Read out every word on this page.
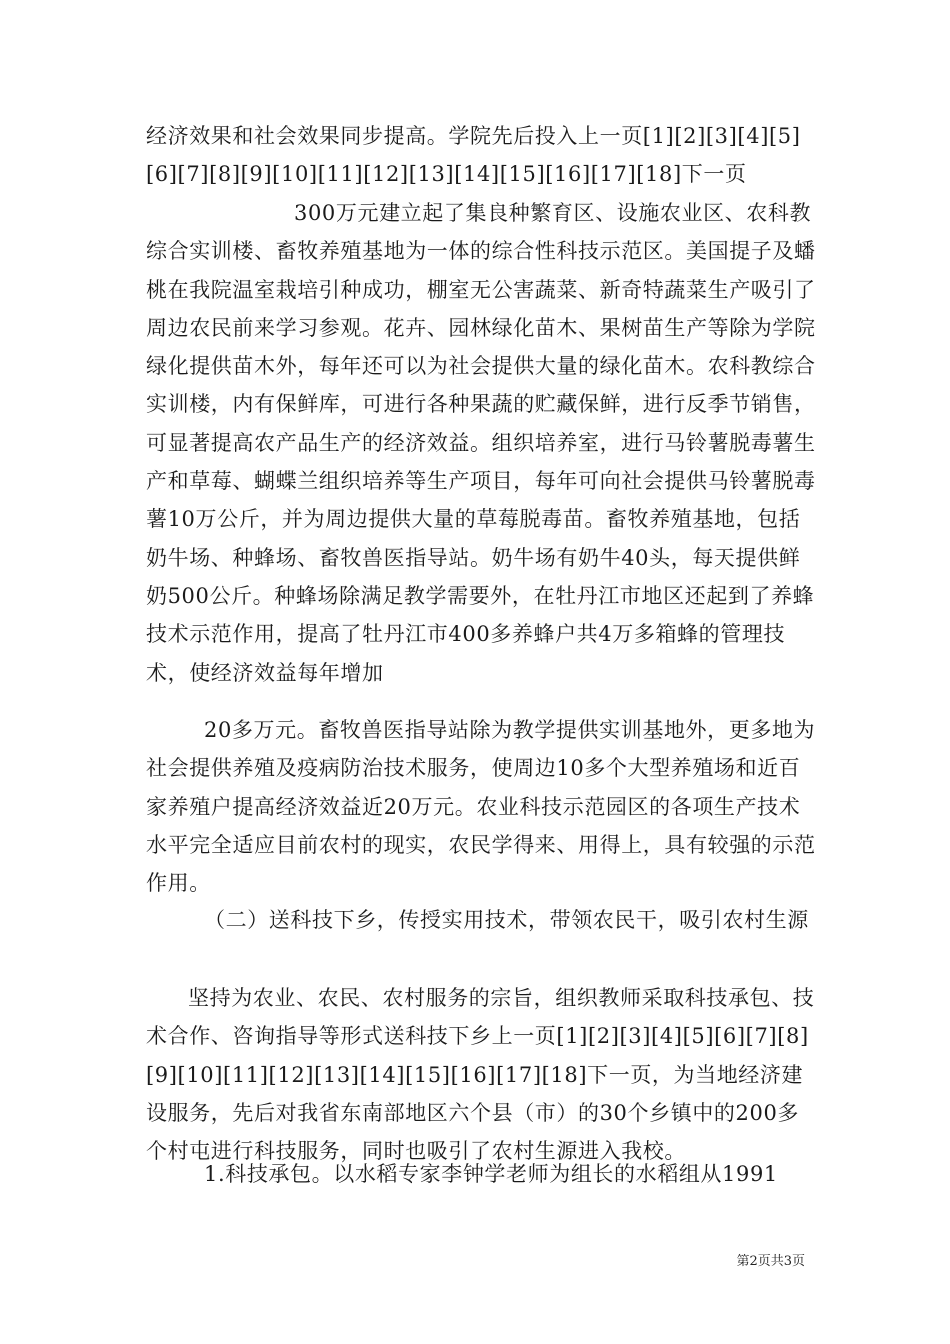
经济效果和社会效果同步提高。学院先后投入上一页[1][2][3][4][5][6][7][8][9][10][11][12][13][14][15][16][17][18]下一页

300万元建立起了集良种繁育区、设施农业区、农科教综合实训楼、畜牧养殖基地为一体的综合性科技示范区。美国提子及蟠桃在我院温室栽培引种成功，棚室无公害蔬菜、新奇特蔬菜生产吸引了周边农民前来学习参观。花卉、园林绿化苗木、果树苗生产等除为学院绿化提供苗木外，每年还可以为社会提供大量的绿化苗木。农科教综合实训楼，内有保鲜库，可进行各种果蔬的贮藏保鲜，进行反季节销售，可显著提高农产品生产的经济效益。组织培养室，进行马铃薯脱毒薯生产和草莓、蝴蝶兰组织培养等生产项目，每年可向社会提供马铃薯脱毒薯10万公斤，并为周边提供大量的草莓脱毒苗。畜牧养殖基地，包括奶牛场、种蜂场、畜牧兽医指导站。奶牛场有奶牛40头，每天提供鲜奶500公斤。种蜂场除满足教学需要外，在牡丹江市地区还起到了养蜂技术示范作用，提高了牡丹江市400多养蜂户共4万多箱蜂的管理技术，使经济效益每年增加

20多万元。畜牧兽医指导站除为教学提供实训基地外，更多地为社会提供养殖及疫病防治技术服务，使周边10多个大型养殖场和近百家养殖户提高经济效益近20万元。农业科技示范园区的各项生产技术水平完全适应目前农村的现实，农民学得来、用得上，具有较强的示范作用。

（二）送科技下乡，传授实用技术，带领农民干，吸引农村生源

坚持为农业、农民、农村服务的宗旨，组织教师采取科技承包、技术合作、咨询指导等形式送科技下乡上一页[1][2][3][4][5][6][7][8][9][10][11][12][13][14][15][16][17][18]下一页，为当地经济建设服务，先后对我省东南部地区六个县（市）的30个乡镇中的200多个村屯进行科技服务，同时也吸引了农村生源进入我校。

1.科技承包。以水稻专家李钟学老师为组长的水稻组从1991

第2页共3页
